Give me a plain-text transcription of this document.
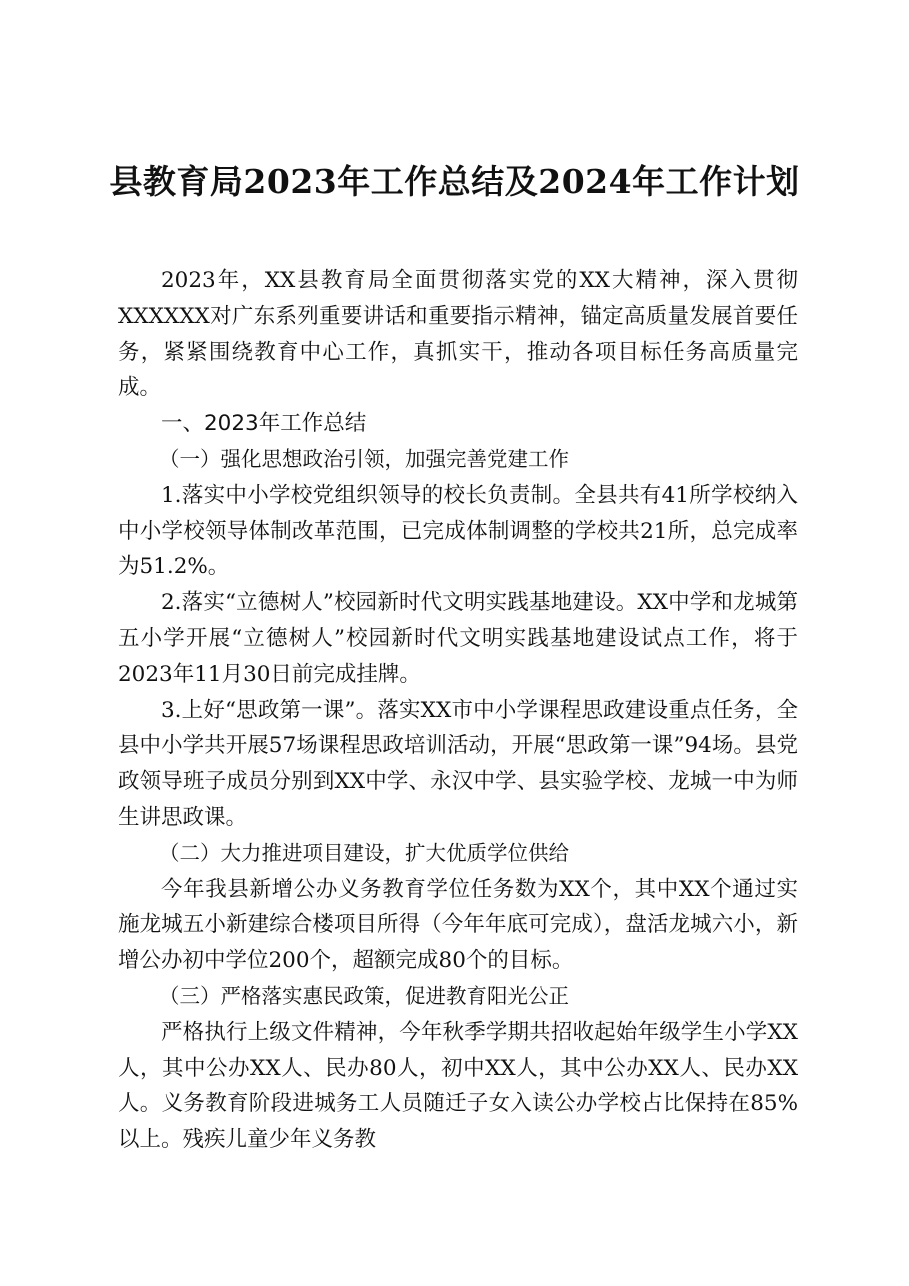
县教育局2023年工作总结及2024年工作计划

2023年，XX县教育局全面贯彻落实党的XX大精神，深入贯彻XXXXXX对广东系列重要讲话和重要指示精神，锚定高质量发展首要任务，紧紧围绕教育中心工作，真抓实干，推动各项目标任务高质量完成。

一、2023年工作总结

（一）强化思想政治引领，加强完善党建工作

1.落实中小学校党组织领导的校长负责制。全县共有41所学校纳入中小学校领导体制改革范围，已完成体制调整的学校共21所，总完成率为51.2%。

2.落实“立德树人”校园新时代文明实践基地建设。XX中学和龙城第五小学开展“立德树人”校园新时代文明实践基地建设试点工作，将于2023年11月30日前完成挂牌。

3.上好“思政第一课”。落实XX市中小学课程思政建设重点任务，全县中小学共开展57场课程思政培训活动，开展“思政第一课”94场。县党政领导班子成员分别到XX中学、永汉中学、县实验学校、龙城一中为师生讲思政课。

（二）大力推进项目建设，扩大优质学位供给

今年我县新增公办义务教育学位任务数为XX个，其中XX个通过实施龙城五小新建综合楼项目所得（今年年底可完成），盘活龙城六小，新增公办初中学位200个，超额完成80个的目标。

（三）严格落实惠民政策，促进教育阳光公正

严格执行上级文件精神，今年秋季学期共招收起始年级学生小学XX人，其中公办XX人、民办80人，初中XX人，其中公办XX人、民办XX人。义务教育阶段进城务工人员随迁子女入读公办学校占比保持在85%以上。残疾儿童少年义务教
